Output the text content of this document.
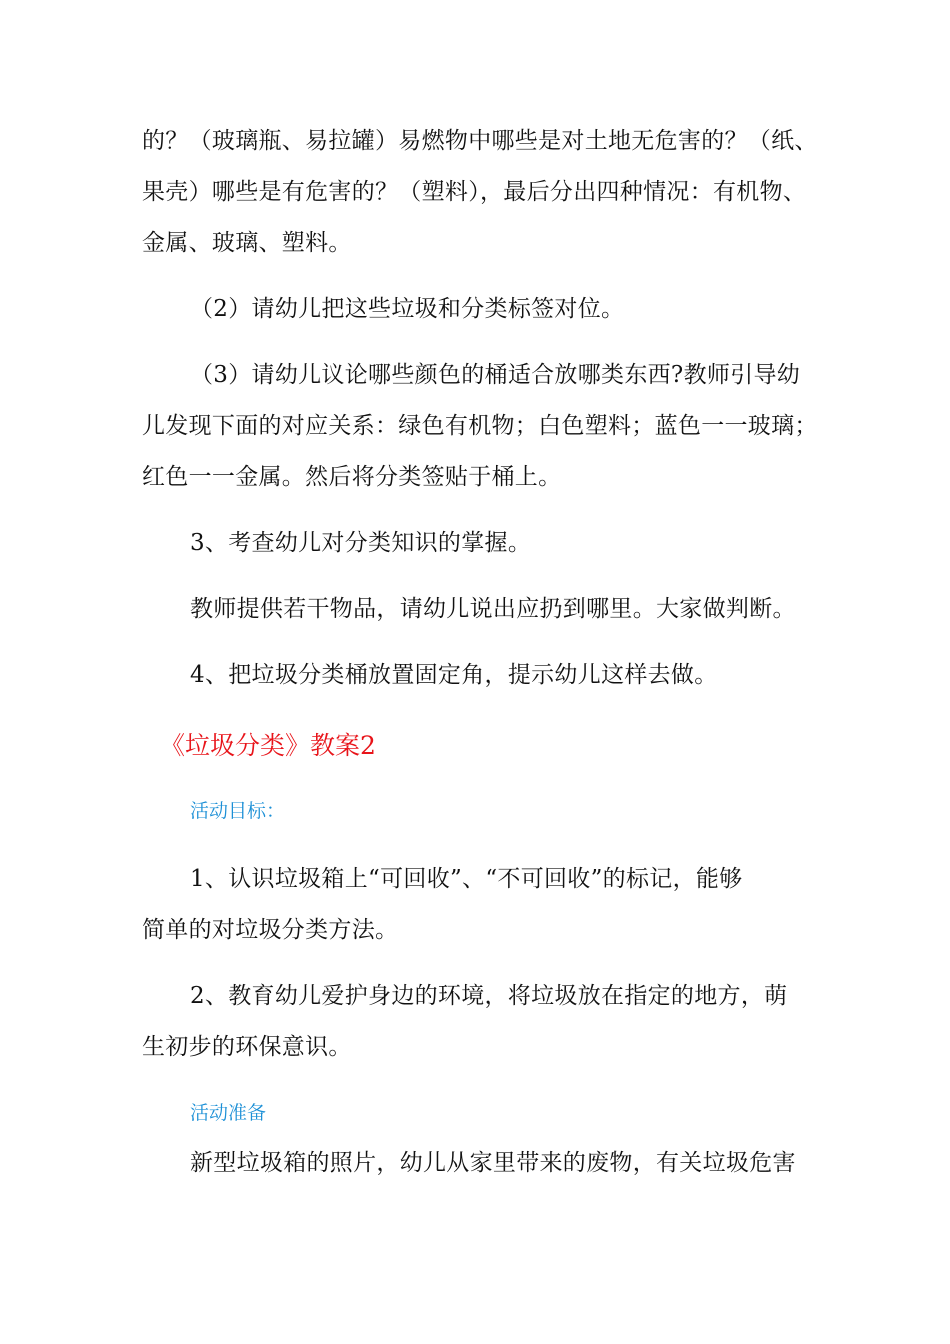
的？（玻璃瓶、易拉罐）易燃物中哪些是对土地无危害的？（纸、
果壳）哪些是有危害的？（塑料），最后分出四种情况：有机物、
金属、玻璃、塑料。
（2）请幼儿把这些垃圾和分类标签对位。
（3）请幼儿议论哪些颜色的桶适合放哪类东西?教师引导幼
儿发现下面的对应关系：绿色有机物；白色塑料；蓝色一一玻璃；
红色一一金属。然后将分类签贴于桶上。
3、考查幼儿对分类知识的掌握。
教师提供若干物品，请幼儿说出应扔到哪里。大家做判断。
4、把垃圾分类桶放置固定角，提示幼儿这样去做。
《垃圾分类》教案2
活动目标：
1、认识垃圾箱上“可回收”、“不可回收”的标记，能够
简单的对垃圾分类方法。
2、教育幼儿爱护身边的环境，将垃圾放在指定的地方，萌
生初步的环保意识。
活动准备
新型垃圾箱的照片，幼儿从家里带来的废物，有关垃圾危害
